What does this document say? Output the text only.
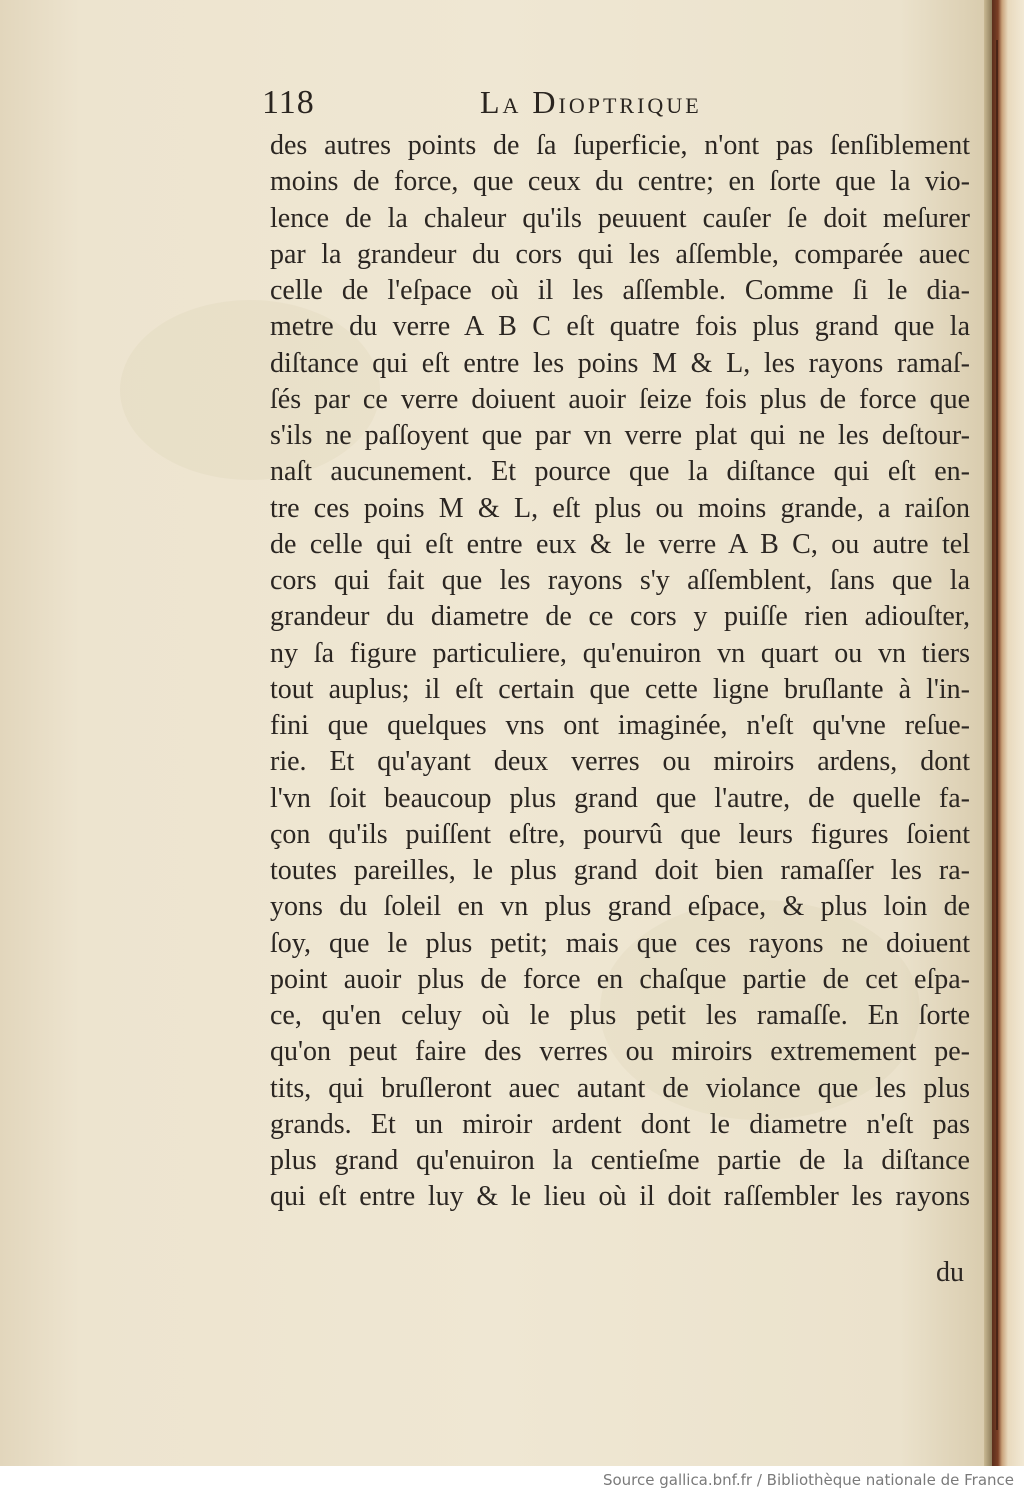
118	La Dioptrique
des autres points de ſa ſuperficie, n'ont pas ſenſiblement
moins de force, que ceux du centre; en ſorte que la vio-
lence de la chaleur qu'ils peuuent cauſer ſe doit meſurer
par la grandeur du cors qui les aſſemble, comparée auec
celle de l'eſpace où il les aſſemble. Comme ſi le dia-
metre du verre A B C eſt quatre fois plus grand que la
diſtance qui eſt entre les poins M & L, les rayons ramaſ-
ſés par ce verre doiuent auoir ſeize fois plus de force que
s'ils ne paſſoyent que par vn verre plat qui ne les deſtour-
naſt aucunement. Et pource que la diſtance qui eſt en-
tre ces poins M & L, eſt plus ou moins grande, a raiſon
de celle qui eſt entre eux & le verre A B C, ou autre tel
cors qui fait que les rayons s'y aſſemblent, ſans que la
grandeur du diametre de ce cors y puiſſe rien adiouſter,
ny ſa figure particuliere, qu'enuiron vn quart ou vn tiers
tout auplus; il eſt certain que cette ligne bruſlante à l'in-
fini que quelques vns ont imaginée, n'eſt qu'vne reſue-
rie. Et qu'ayant deux verres ou miroirs ardens, dont
l'vn ſoit beaucoup plus grand que l'autre, de quelle fa-
çon qu'ils puiſſent eſtre, pourvû que leurs figures ſoient
toutes pareilles, le plus grand doit bien ramaſſer les ra-
yons du ſoleil en vn plus grand eſpace, & plus loin de
ſoy, que le plus petit; mais que ces rayons ne doiuent
point auoir plus de force en chaſque partie de cet eſpa-
ce, qu'en celuy où le plus petit les ramaſſe. En ſorte
qu'on peut faire des verres ou miroirs extremement pe-
tits, qui bruſleront auec autant de violance que les plus
grands. Et un miroir ardent dont le diametre n'eſt pas
plus grand qu'enuiron la centieſme partie de la diſtance
qui eſt entre luy & le lieu où il doit raſſembler les rayons
du
Source gallica.bnf.fr / Bibliothèque nationale de France
